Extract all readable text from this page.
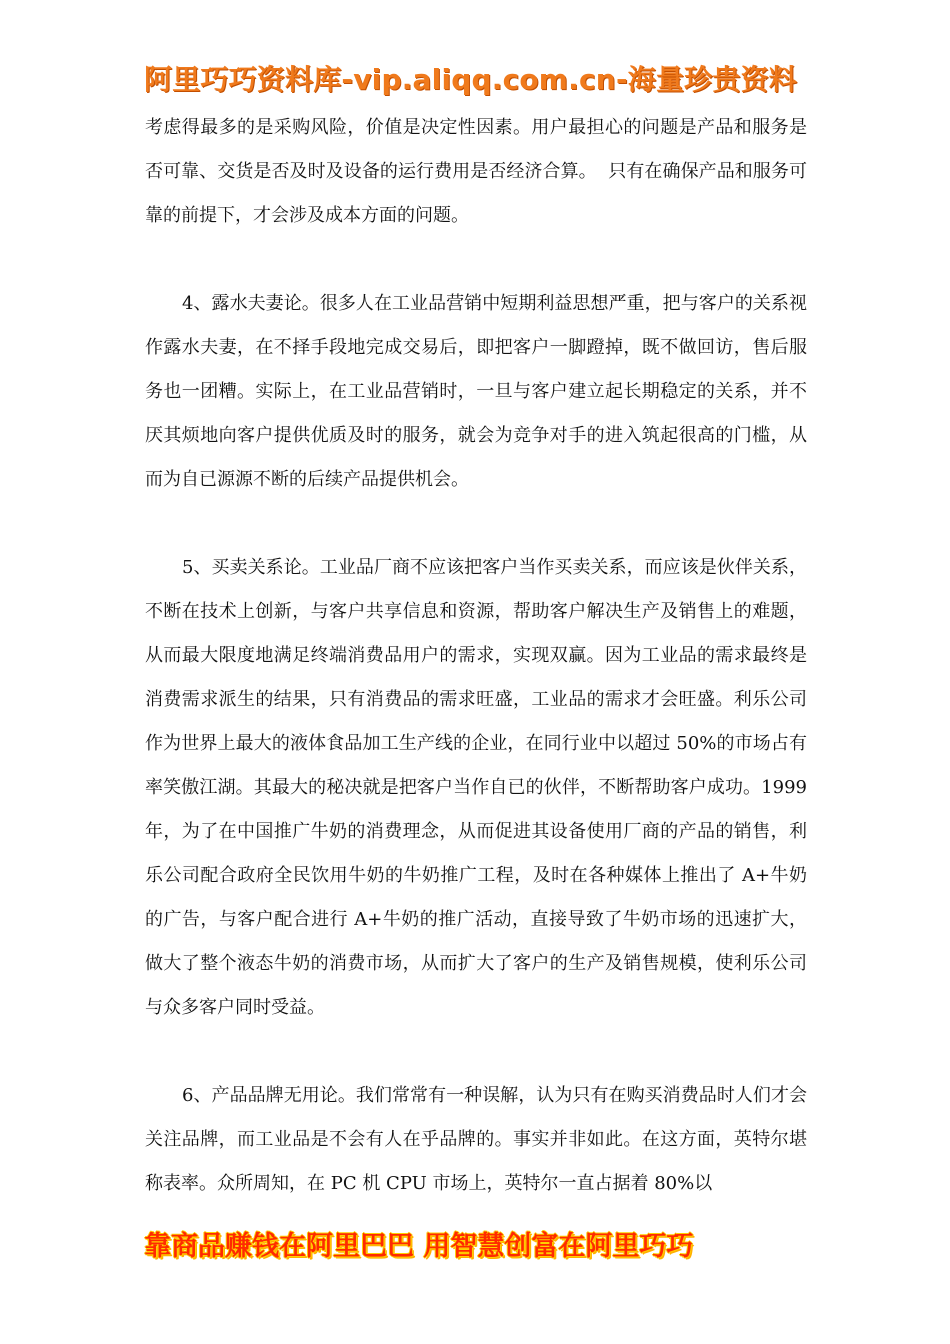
阿里巧巧资料库-vip.aliqq.com.cn-海量珍贵资料

考虑得最多的是采购风险，价值是决定性因素。用户最担心的问题是产品和服务是否可靠、交货是否及时及设备的运行费用是否经济合算。  只有在确保产品和服务可靠的前提下，才会涉及成本方面的问题。

4、露水夫妻论。很多人在工业品营销中短期利益思想严重，把与客户的关系视作露水夫妻，在不择手段地完成交易后，即把客户一脚蹬掉，既不做回访，售后服务也一团糟。实际上，在工业品营销时，一旦与客户建立起长期稳定的关系，并不厌其烦地向客户提供优质及时的服务，就会为竞争对手的进入筑起很高的门槛，从而为自已源源不断的后续产品提供机会。

5、买卖关系论。工业品厂商不应该把客户当作买卖关系，而应该是伙伴关系，不断在技术上创新，与客户共享信息和资源，帮助客户解决生产及销售上的难题，从而最大限度地满足终端消费品用户的需求，实现双赢。因为工业品的需求最终是消费需求派生的结果，只有消费品的需求旺盛，工业品的需求才会旺盛。利乐公司作为世界上最大的液体食品加工生产线的企业，在同行业中以超过 50%的市场占有率笑傲江湖。其最大的秘决就是把客户当作自已的伙伴，不断帮助客户成功。1999 年，为了在中国推广牛奶的消费理念，从而促进其设备使用厂商的产品的销售，利乐公司配合政府全民饮用牛奶的牛奶推广工程，及时在各种媒体上推出了 A+牛奶的广告，与客户配合进行 A+牛奶的推广活动，直接导致了牛奶市场的迅速扩大，做大了整个液态牛奶的消费市场，从而扩大了客户的生产及销售规模，使利乐公司与众多客户同时受益。

6、产品品牌无用论。我们常常有一种误解，认为只有在购买消费品时人们才会关注品牌，而工业品是不会有人在乎品牌的。事实并非如此。在这方面，英特尔堪称表率。众所周知，在 PC 机 CPU 市场上，英特尔一直占据着 80%以

靠商品赚钱在阿里巴巴 用智慧创富在阿里巧巧
